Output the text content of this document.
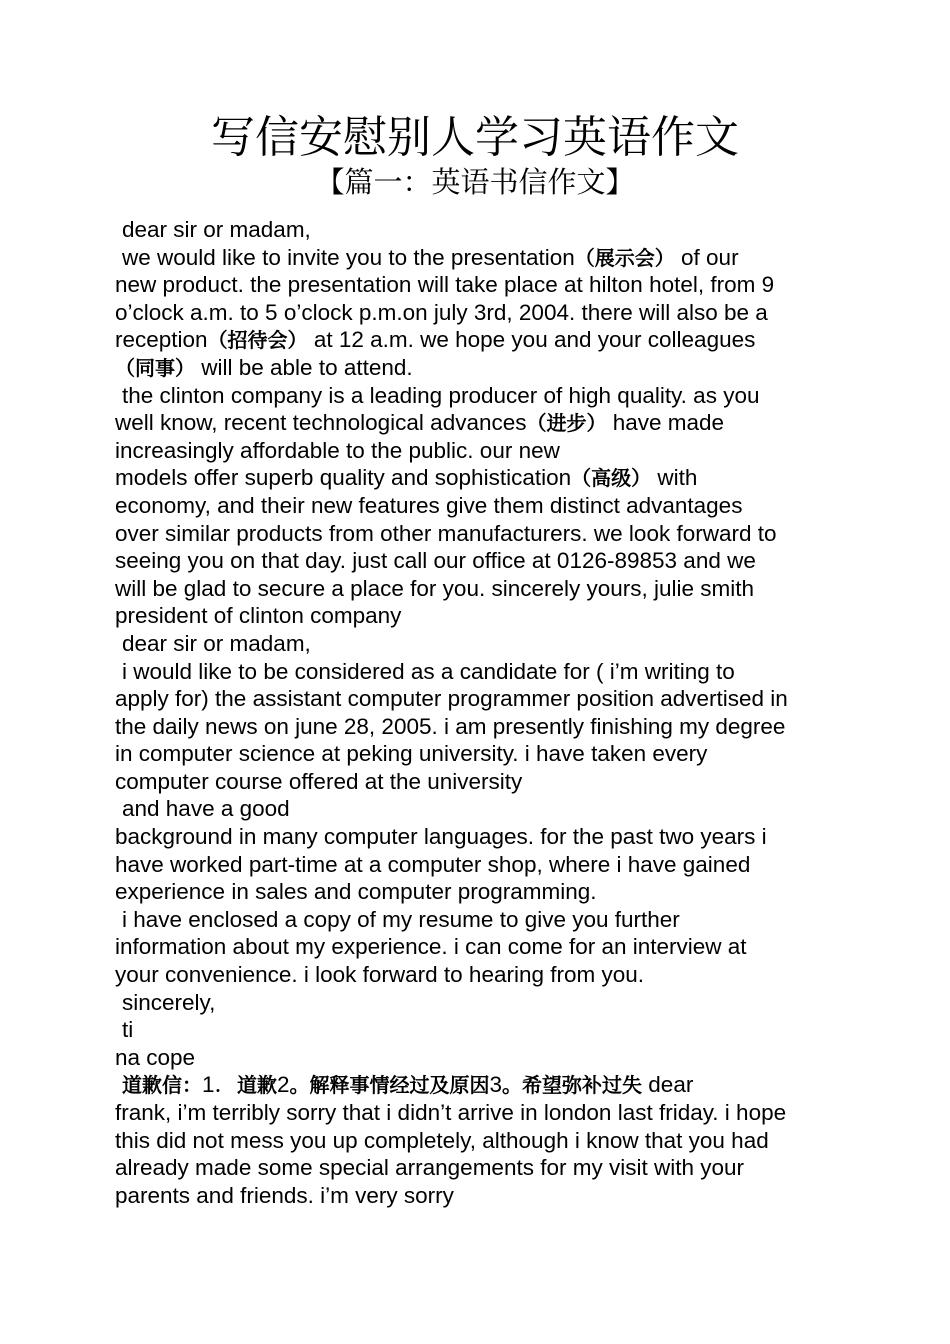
写信安慰别人学习英语作文
【篇一：英语书信作文】
dear sir or madam,
we would like to invite you to the presentation（展示会） of our
new product. the presentation will take place at hilton hotel, from 9
o’clock a.m. to 5 o’clock p.m.on july 3rd, 2004. there will also be a
reception（招待会） at 12 a.m. we hope you and your colleagues
（同事） will be able to attend.
the clinton company is a leading producer of high quality. as you
well know, recent technological advances（进步） have made
increasingly affordable to the public. our new
models offer superb quality and sophistication（高级） with
economy, and their new features give them distinct advantages
over similar products from other manufacturers. we look forward to
seeing you on that day. just call our office at 0126-89853 and we
will be glad to secure a place for you. sincerely yours, julie smith
president of clinton company
dear sir or madam,
i would like to be considered as a candidate for ( i’m writing to
apply for) the assistant computer programmer position advertised in
the daily news on june 28, 2005. i am presently finishing my degree
in computer science at peking university. i have taken every
computer course offered at the university
and have a good
background in many computer languages. for the past two years i
have worked part-time at a computer shop, where i have gained
experience in sales and computer programming.
i have enclosed a copy of my resume to give you further
information about my experience. i can come for an interview at
your convenience. i look forward to hearing from you.
sincerely,
ti
na cope
道歉信：1．道歉2。解释事情经过及原因3。希望弥补过失 dear
frank, i’m terribly sorry that i didn’t arrive in london last friday. i hope
this did not mess you up completely, although i know that you had
already made some special arrangements for my visit with your
parents and friends. i’m very sorry
